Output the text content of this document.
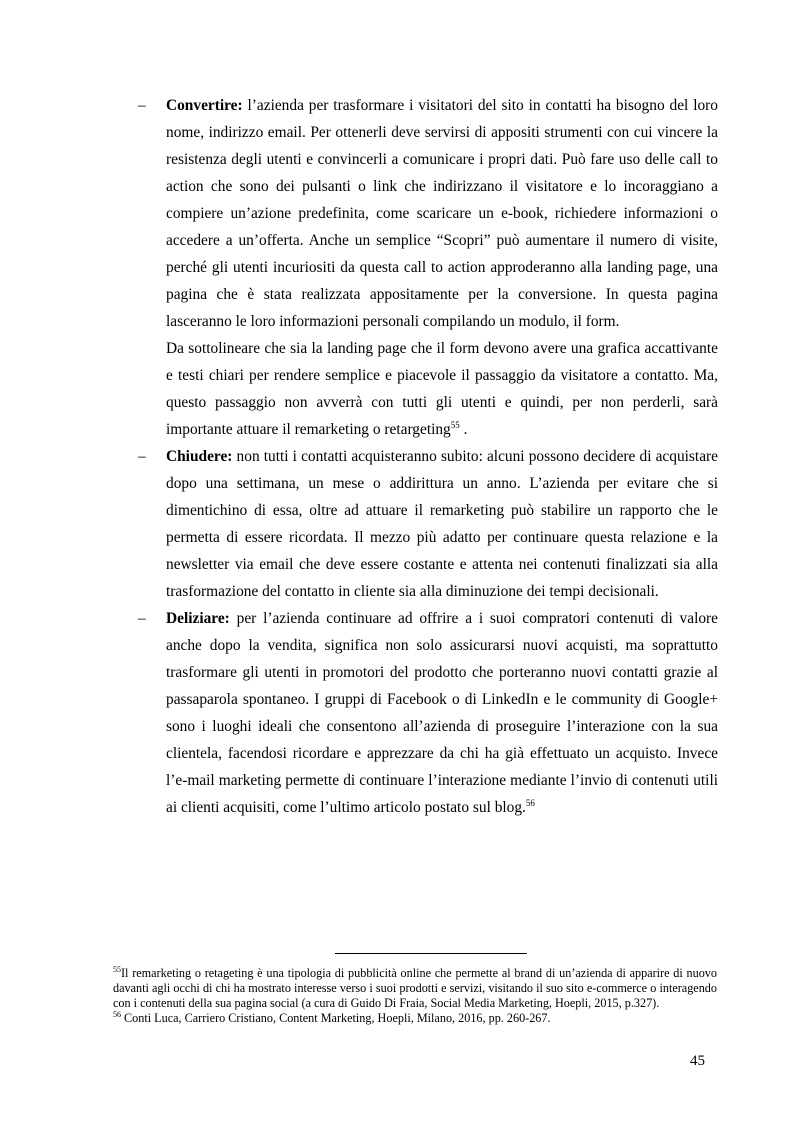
– Convertire: l’azienda per trasformare i visitatori del sito in contatti ha bisogno del loro nome, indirizzo email. Per ottenerli deve servirsi di appositi strumenti con cui vincere la resistenza degli utenti e convincerli a comunicare i propri dati. Può fare uso delle call to action che sono dei pulsanti o link che indirizzano il visitatore e lo incoraggiano a compiere un’azione predefinita, come scaricare un e-book, richiedere informazioni o accedere a un’offerta. Anche un semplice “Scopri” può aumentare il numero di visite, perché gli utenti incuriositi da questa call to action approderanno alla landing page, una pagina che è stata realizzata appositamente per la conversione. In questa pagina lasceranno le loro informazioni personali compilando un modulo, il form.

Da sottolineare che sia la landing page che il form devono avere una grafica accattivante e testi chiari per rendere semplice e piacevole il passaggio da visitatore a contatto. Ma, questo passaggio non avverrà con tutti gli utenti e quindi, per non perderli, sarà importante attuare il remarketing o retargeting$^{55}$ .

– Chiudere: non tutti i contatti acquisteranno subito: alcuni possono decidere di acquistare dopo una settimana, un mese o addirittura un anno. L’azienda per evitare che si dimentichino di essa, oltre ad attuare il remarketing può stabilire un rapporto che le permetta di essere ricordata. Il mezzo più adatto per continuare questa relazione e la newsletter via email che deve essere costante e attenta nei contenuti finalizzati sia alla trasformazione del contatto in cliente sia alla diminuzione dei tempi decisionali.

– Deliziare: per l’azienda continuare ad offrire a i suoi compratori contenuti di valore anche dopo la vendita, significa non solo assicurarsi nuovi acquisti, ma soprattutto trasformare gli utenti in promotori del prodotto che porteranno nuovi contatti grazie al passaparola spontaneo. I gruppi di Facebook o di LinkedIn e le community di Google+ sono i luoghi ideali che consentono all’azienda di proseguire l’interazione con la sua clientela, facendosi ricordare e apprezzare da chi ha già effettuato un acquisto. Invece l’e-mail marketing permette di continuare l’interazione mediante l’invio di contenuti utili ai clienti acquisiti, come l’ultimo articolo postato sul blog.$^{56}$

$^{55}$Il remarketing o retageting è una tipologia di pubblicità online che permette al brand di un’azienda di apparire di nuovo davanti agli occhi di chi ha mostrato interesse verso i suoi prodotti e servizi, visitando il suo sito e-commerce o interagendo con i contenuti della sua pagina social (a cura di Guido Di Fraia, Social Media Marketing, Hoepli, 2015, p.327).

$^{56}$ Conti Luca, Carriero Cristiano, Content Marketing, Hoepli, Milano, 2016, pp. 260-267.

45
